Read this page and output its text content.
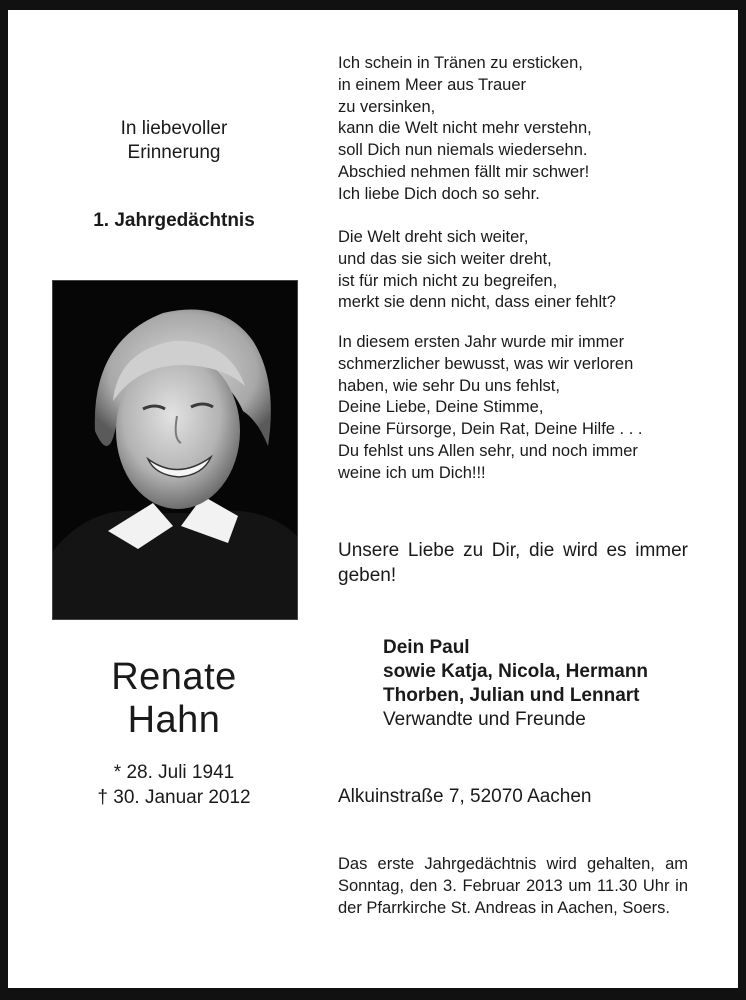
In liebevoller
Erinnerung
1. Jahrgedächtnis
Renate
Hahn
* 28. Juli 1941
† 30. Januar 2012
Ich schein in Tränen zu ersticken,
in einem Meer aus Trauer
zu versinken,
kann die Welt nicht mehr verstehn,
soll Dich nun niemals wiedersehn.
Abschied nehmen fällt mir schwer!
Ich liebe Dich doch so sehr.
Die Welt dreht sich weiter,
und das sie sich weiter dreht,
ist für mich nicht zu begreifen,
merkt sie denn nicht, dass einer fehlt?
In diesem ersten Jahr wurde mir immer
schmerzlicher bewusst, was wir verloren
haben, wie sehr Du uns fehlst,
Deine Liebe, Deine Stimme,
Deine Fürsorge, Dein Rat, Deine Hilfe . . .
Du fehlst uns Allen sehr, und noch immer
weine ich um Dich!!!
Unsere Liebe zu Dir, die wird es immer geben!
Dein Paul
sowie Katja, Nicola, Hermann
Thorben, Julian und Lennart
Verwandte und Freunde
Alkuinstraße 7, 52070 Aachen
Das erste Jahrgedächtnis wird gehalten, am Sonntag, den 3. Februar 2013 um 11.30 Uhr in der Pfarrkirche St. Andreas in Aachen, Soers.
